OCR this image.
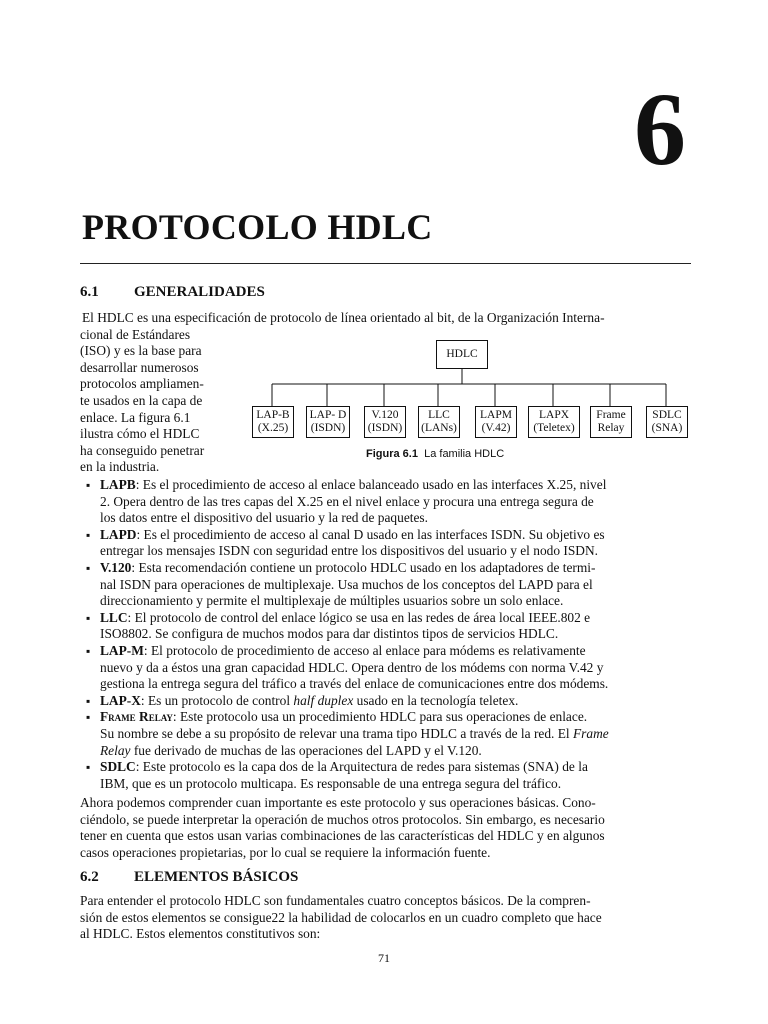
6
PROTOCOLO HDLC
6.1 GENERALIDADES
El HDLC es una especificación de protocolo de línea orientado al bit, de la Organización Interna-
cional de Estándares
(ISO) y es la base para
desarrollar numerosos
protocolos ampliamen-
te usados en la capa de
enlace. La figura 6.1
ilustra cómo el HDLC
ha conseguido penetrar
en la industria.
HDLC
LAP-B
(X.25)
LAP- D
(ISDN)
V.120
(ISDN)
LLC
(LANs)
LAPM
(V.42)
LAPX
(Teletex)
Frame
Relay
SDLC
(SNA)
Figura 6.1 La familia HDLC
▪ LAPB: Es el procedimiento de acceso al enlace balanceado usado en las interfaces X.25, nivel
2. Opera dentro de las tres capas del X.25 en el nivel enlace y procura una entrega segura de
los datos entre el dispositivo del usuario y la red de paquetes.
▪ LAPD: Es el procedimiento de acceso al canal D usado en las interfaces ISDN. Su objetivo es
entregar los mensajes ISDN con seguridad entre los dispositivos del usuario y el nodo ISDN.
▪ V.120: Esta recomendación contiene un protocolo HDLC usado en los adaptadores de termi-
nal ISDN para operaciones de multiplexaje. Usa muchos de los conceptos del LAPD para el
direccionamiento y permite el multiplexaje de múltiples usuarios sobre un solo enlace.
▪ LLC: El protocolo de control del enlace lógico se usa en las redes de área local IEEE.802 e
ISO8802. Se configura de muchos modos para dar distintos tipos de servicios HDLC.
▪ LAP-M: El protocolo de procedimiento de acceso al enlace para módems es relativamente
nuevo y da a éstos una gran capacidad HDLC. Opera dentro de los módems con norma V.42 y
gestiona la entrega segura del tráfico a través del enlace de comunicaciones entre dos módems.
▪ LAP-X: Es un protocolo de control half duplex usado en la tecnología teletex.
▪ Frame Relay: Este protocolo usa un procedimiento HDLC para sus operaciones de enlace.
Su nombre se debe a su propósito de relevar una trama tipo HDLC a través de la red. El Frame
Relay fue derivado de muchas de las operaciones del LAPD y el V.120.
▪ SDLC: Este protocolo es la capa dos de la Arquitectura de redes para sistemas (SNA) de la
IBM, que es un protocolo multicapa. Es responsable de una entrega segura del tráfico.
Ahora podemos comprender cuan importante es este protocolo y sus operaciones básicas. Cono-
ciéndolo, se puede interpretar la operación de muchos otros protocolos. Sin embargo, es necesario
tener en cuenta que estos usan varias combinaciones de las características del HDLC y en algunos
casos operaciones propietarias, por lo cual se requiere la información fuente.
6.2 ELEMENTOS BÁSICOS
Para entender el protocolo HDLC son fundamentales cuatro conceptos básicos. De la compren-
sión de estos elementos se consigue22 la habilidad de colocarlos en un cuadro completo que hace
al HDLC. Estos elementos constitutivos son:
71
